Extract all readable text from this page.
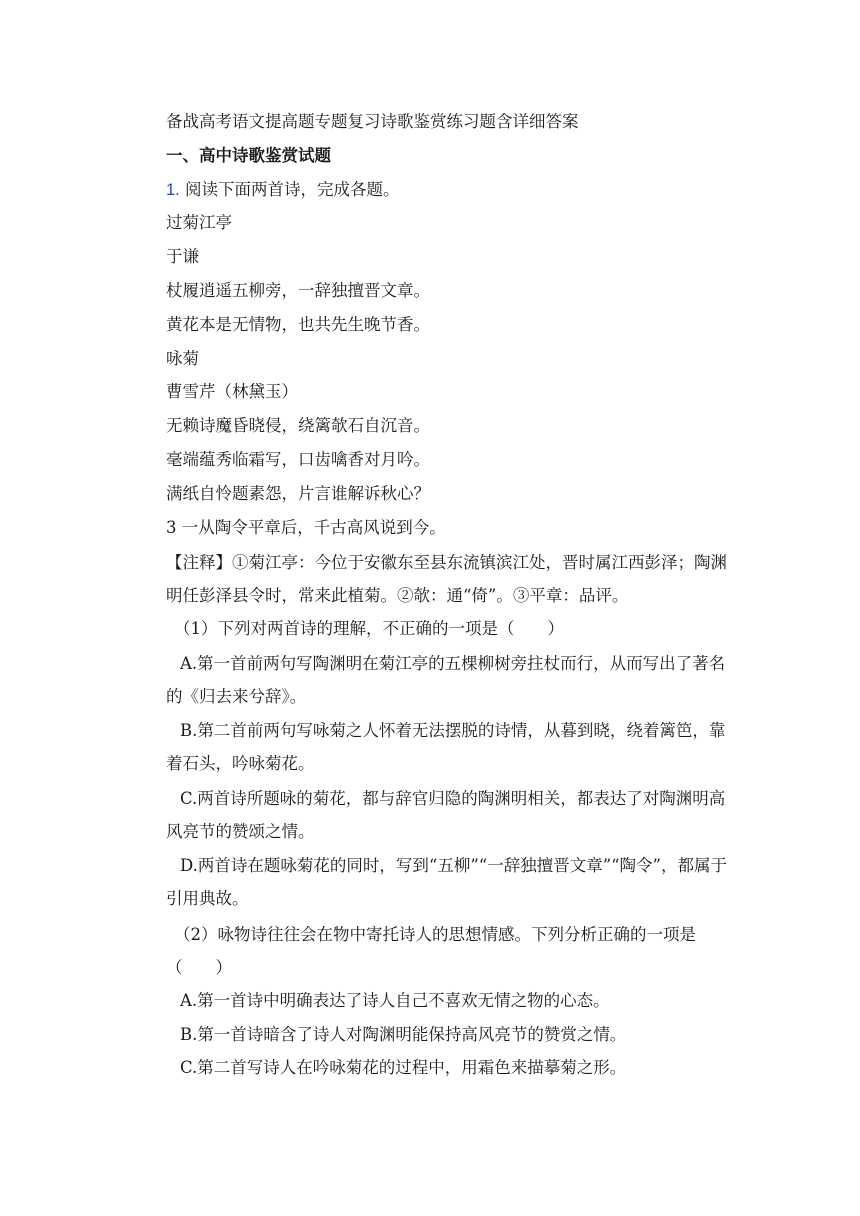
备战高考语文提高题专题复习诗歌鉴赏练习题含详细答案
一、高中诗歌鉴赏试题
1. 阅读下面两首诗，完成各题。
过菊江亭
于谦
杖履逍遥五柳旁，一辞独擅晋文章。
黄花本是无情物，也共先生晚节香。
咏菊
曹雪芹（林黛玉）
无赖诗魔昏晓侵，绕篱欹石自沉音。
毫端蕴秀临霜写，口齿噙香对月吟。
满纸自怜题素怨，片言谁解诉秋心？
3 一从陶令平章后，千古高风说到今。
【注释】①菊江亭：今位于安徽东至县东流镇滨江处，晋时属江西彭泽；陶渊明任彭泽县令时，常来此植菊。②欹：通“倚”。③平章：品评。
（1）下列对两首诗的理解，不正确的一项是（　　）
A.第一首前两句写陶渊明在菊江亭的五棵柳树旁拄杖而行，从而写出了著名的《归去来兮辞》。
B.第二首前两句写咏菊之人怀着无法摆脱的诗情，从暮到晓，绕着篱笆，靠着石头，吟咏菊花。
C.两首诗所题咏的菊花，都与辞官归隐的陶渊明相关，都表达了对陶渊明高风亮节的赞颂之情。
D.两首诗在题咏菊花的同时，写到“五柳”“一辞独擅晋文章”“陶令”，都属于引用典故。
（2）咏物诗往往会在物中寄托诗人的思想情感。下列分析正确的一项是（　　）
A.第一首诗中明确表达了诗人自己不喜欢无情之物的心态。
B.第一首诗暗含了诗人对陶渊明能保持高风亮节的赞赏之情。
C.第二首写诗人在吟咏菊花的过程中，用霜色来描摹菊之形。
